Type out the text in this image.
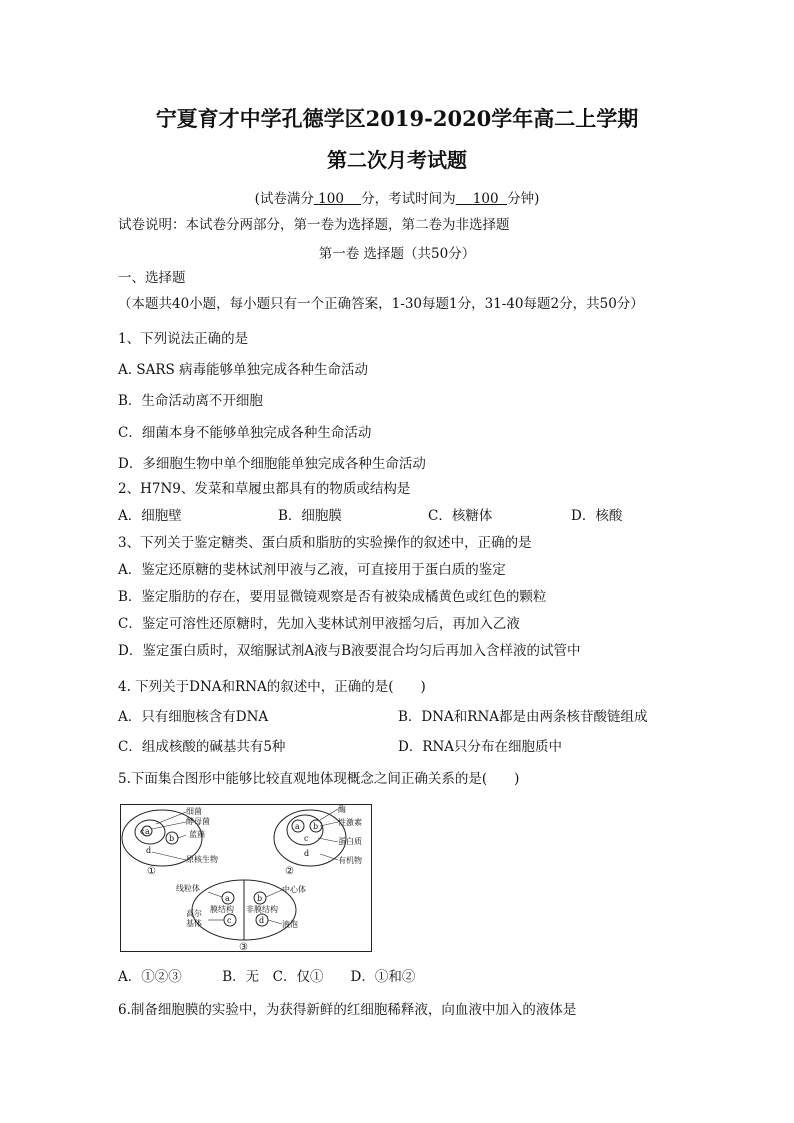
宁夏育才中学孔德学区2019-2020学年高二上学期
第二次月考试题
(试卷满分 100 分，考试时间为 100 分钟)
试卷说明：本试卷分两部分，第一卷为选择题，第二卷为非选择题
第一卷 选择题（共50分）
一、选择题
（本题共40小题，每小题只有一个正确答案，1-30每题1分，31-40每题2分，共50分）
1、下列说法正确的是
A. SARS 病毒能够单独完成各种生命活动
B．生命活动离不开细胞
C．细菌本身不能够单独完成各种生命活动
D．多细胞生物中单个细胞能单独完成各种生命活动
2、H7N9、发菜和草履虫都具有的物质或结构是
A．细胞壁	B．细胞膜	C．核糖体	D．核酸
3、下列关于鉴定糖类、蛋白质和脂肪的实验操作的叙述中，正确的是
A．鉴定还原糖的斐林试剂甲液与乙液，可直接用于蛋白质的鉴定
B．鉴定脂肪的存在，要用显微镜观察是否有被染成橘黄色或红色的颗粒
C．鉴定可溶性还原糖时，先加入斐林试剂甲液摇匀后，再加入乙液
D．鉴定蛋白质时，双缩脲试剂A液与B液要混合均匀后再加入含样液的试管中
4. 下列关于DNA和RNA的叙述中，正确的是(　　)
A．只有细胞核含有DNA	B．DNA和RNA都是由两条核苷酸链组成
C．组成核酸的碱基共有5种	D．RNA只分布在细胞质中
5.下面集合图形中能够比较直观地体现概念之间正确关系的是(　　)
c a
b
d
细菌
酵母菌
蓝藻
原核生物
①
a b
c
d
酶
性激素
蛋白质
有机物
②
a
c
b
d
线粒体	中心体
膜结构 非膜结构
高尔
基体	液泡
③
A．①②③　　　B．无　C．仅①　　D．①和②
6.制备细胞膜的实验中，为获得新鲜的红细胞稀释液，向血液中加入的液体是
